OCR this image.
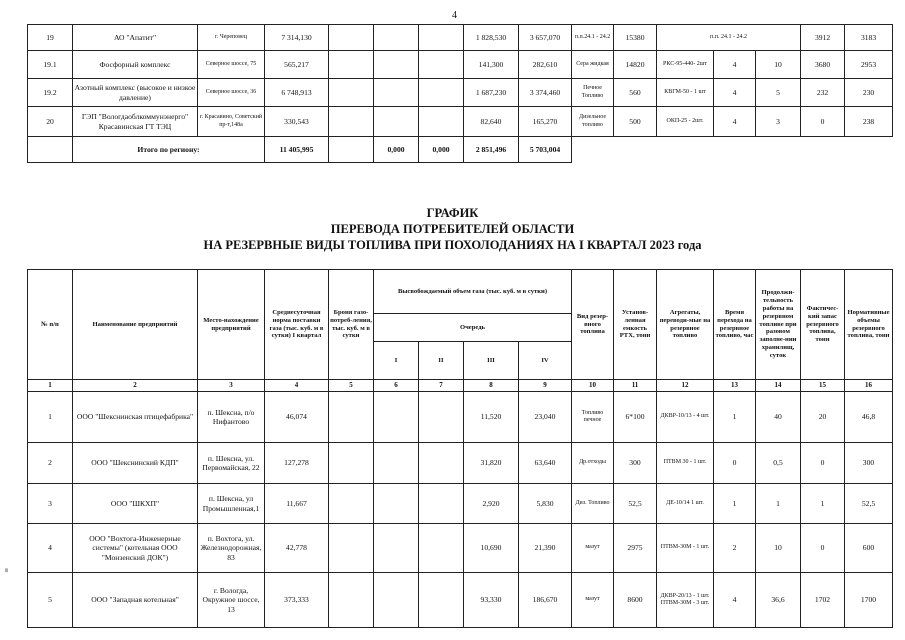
4
19	АО "Апатит"	г. Череповец	7 314,130				1 828,530	3 657,070	п.п.24.1 - 24.2	15380	п.п. 24.1 - 24.2			3912	3183
19.1	Фосфорный комплекс	Северное шоссе, 75	565,217				141,300	282,610	Сера жидкая	14820	РКС-95-440- 2шт	4	10	3680	2953
19.2	Азотный комплекс (высокое и низкое давление)	Северное шоссе, 36	6 748,913				1 687,230	3 374,460	Печное Топливо	560	КВГМ-50 - 1 шт	4	5	232	230
20	ГЭП "Вологдаоблкоммунэнерго" Красавинская ГТ ТЭЦ	г. Красавино, Советский пр-т,148а	330,543				82,640	165,270	Дизельное топливо	500	ОКП-25 - 2шт.	4	3	0	238
	Итого по региону:		11 405,995		0,000	0,000	2 851,496	5 703,004							
ГРАФИК
ПЕРЕВОДА ПОТРЕБИТЕЛЕЙ ОБЛАСТИ
НА РЕЗЕРВНЫЕ ВИДЫ ТОПЛИВА ПРИ ПОХОЛОДАНИЯХ НА I КВАРТАЛ 2023 года
№ п/п	Наименование предприятий	Место-нахождение предприятий	Среднесуточная норма поставки газа (тыс. куб. м в сутки) I квартал	Броня газо-потреб-ления, тыс. куб. м в сутки	Высвобождаемый объем газа (тыс. куб. м в сутки)				Вид резер-вного топлива	Установ-ленная емкость РТХ, тонн	Агрегаты, переводи-мые на резервное топливо	Время перехода на резервное топливо, час	Продолжи-тельность работы на резервном топливе при разовом заполне-нии хранилищ, суток	Фактичес-кий запас резервного топлива, тонн	Нормативные объемы резервного топлива, тонн
					Очередь										
					I	II	III	IV							
1	2	3	4	5	6	7	8	9	10	11	12	13	14	15	16
1	ООО "Шекснинская птицефабрика"	п. Шексна, п/о Нифантово	46,074				11,520	23,040	Топливо печное	6*100	ДКВР-10/13 - 4 шт.	1	40	20	46,8
2	ООО "Шекснинский КДП"	п. Шексна, ул. Первомайская, 22	127,278				31,820	63,640	Др.отходы	300	ПТВМ 30 - 1 шт.	0	0,5	0	300
3	ООО "ШКХП"	п. Шексна, ул Промышленная,1	11,667				2,920	5,830	Диз. Топливо	52,5	ДЕ-10/14 1 шт.	1	1	1	52,5
4	ООО "Вохтога-Инженерные системы" (котельная ООО "Монзенский ДОК")	п. Вохтога, ул. Железнодорожная, 83	42,778				10,690	21,390	мазут	2975	ПТВМ-30М - 1 шт.	2	10	0	600
5	ООО "Западная котельная"	г. Вологда, Окружное шоссе, 13	373,333				93,330	186,670	мазут	8600	ДКВР-20/13 - 1 шт. ПТВМ-30М - 3 шт.	4	36,6	1702	1700
≡
